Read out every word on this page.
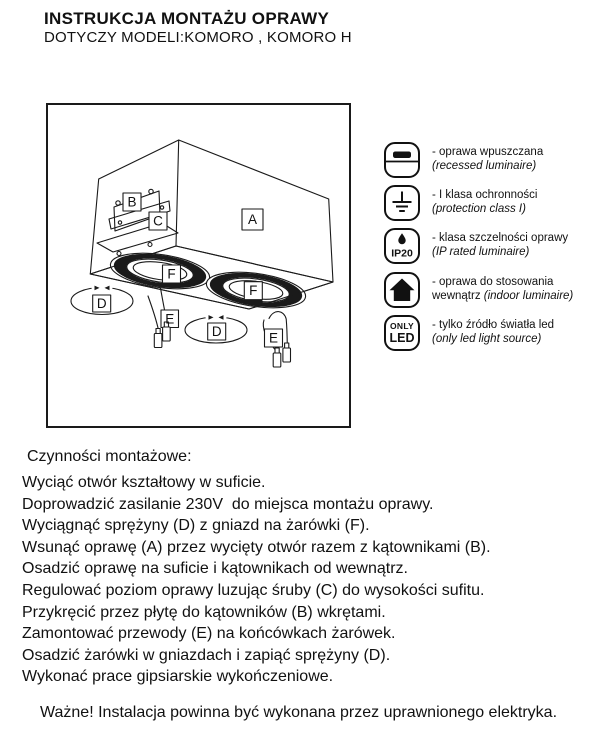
INSTRUKCJA MONTAŻU OPRAWY
DOTYCZY MODELI:KOMORO , KOMORO H
A
B
C
F
F
D
D
E
E
- oprawa wpuszczana
(recessed luminaire)
- I klasa ochronności
(protection class I)
IP20
- klasa szczelności oprawy
(IP rated luminaire)
- oprawa do stosowania
wewnątrz (indoor luminaire)
ONLY
LED
- tylko źródło światła led
(only led light source)
Czynności montażowe:
Wyciąć otwór kształtowy w suficie.
Doprowadzić zasilanie 230V  do miejsca montażu oprawy.
Wyciągnąć sprężyny (D) z gniazd na żarówki (F).
Wsunąć oprawę (A) przez wycięty otwór razem z kątownikami (B).
Osadzić oprawę na suficie i kątownikach od wewnątrz.
Regulować poziom oprawy luzując śruby (C) do wysokości sufitu.
Przykręcić przez płytę do kątowników (B) wkrętami.
Zamontować przewody (E) na końcówkach żarówek.
Osadzić żarówki w gniazdach i zapiąć sprężyny (D).
Wykonać prace gipsiarskie wykończeniowe.
Ważne! Instalacja powinna być wykonana przez uprawnionego elektryka.
